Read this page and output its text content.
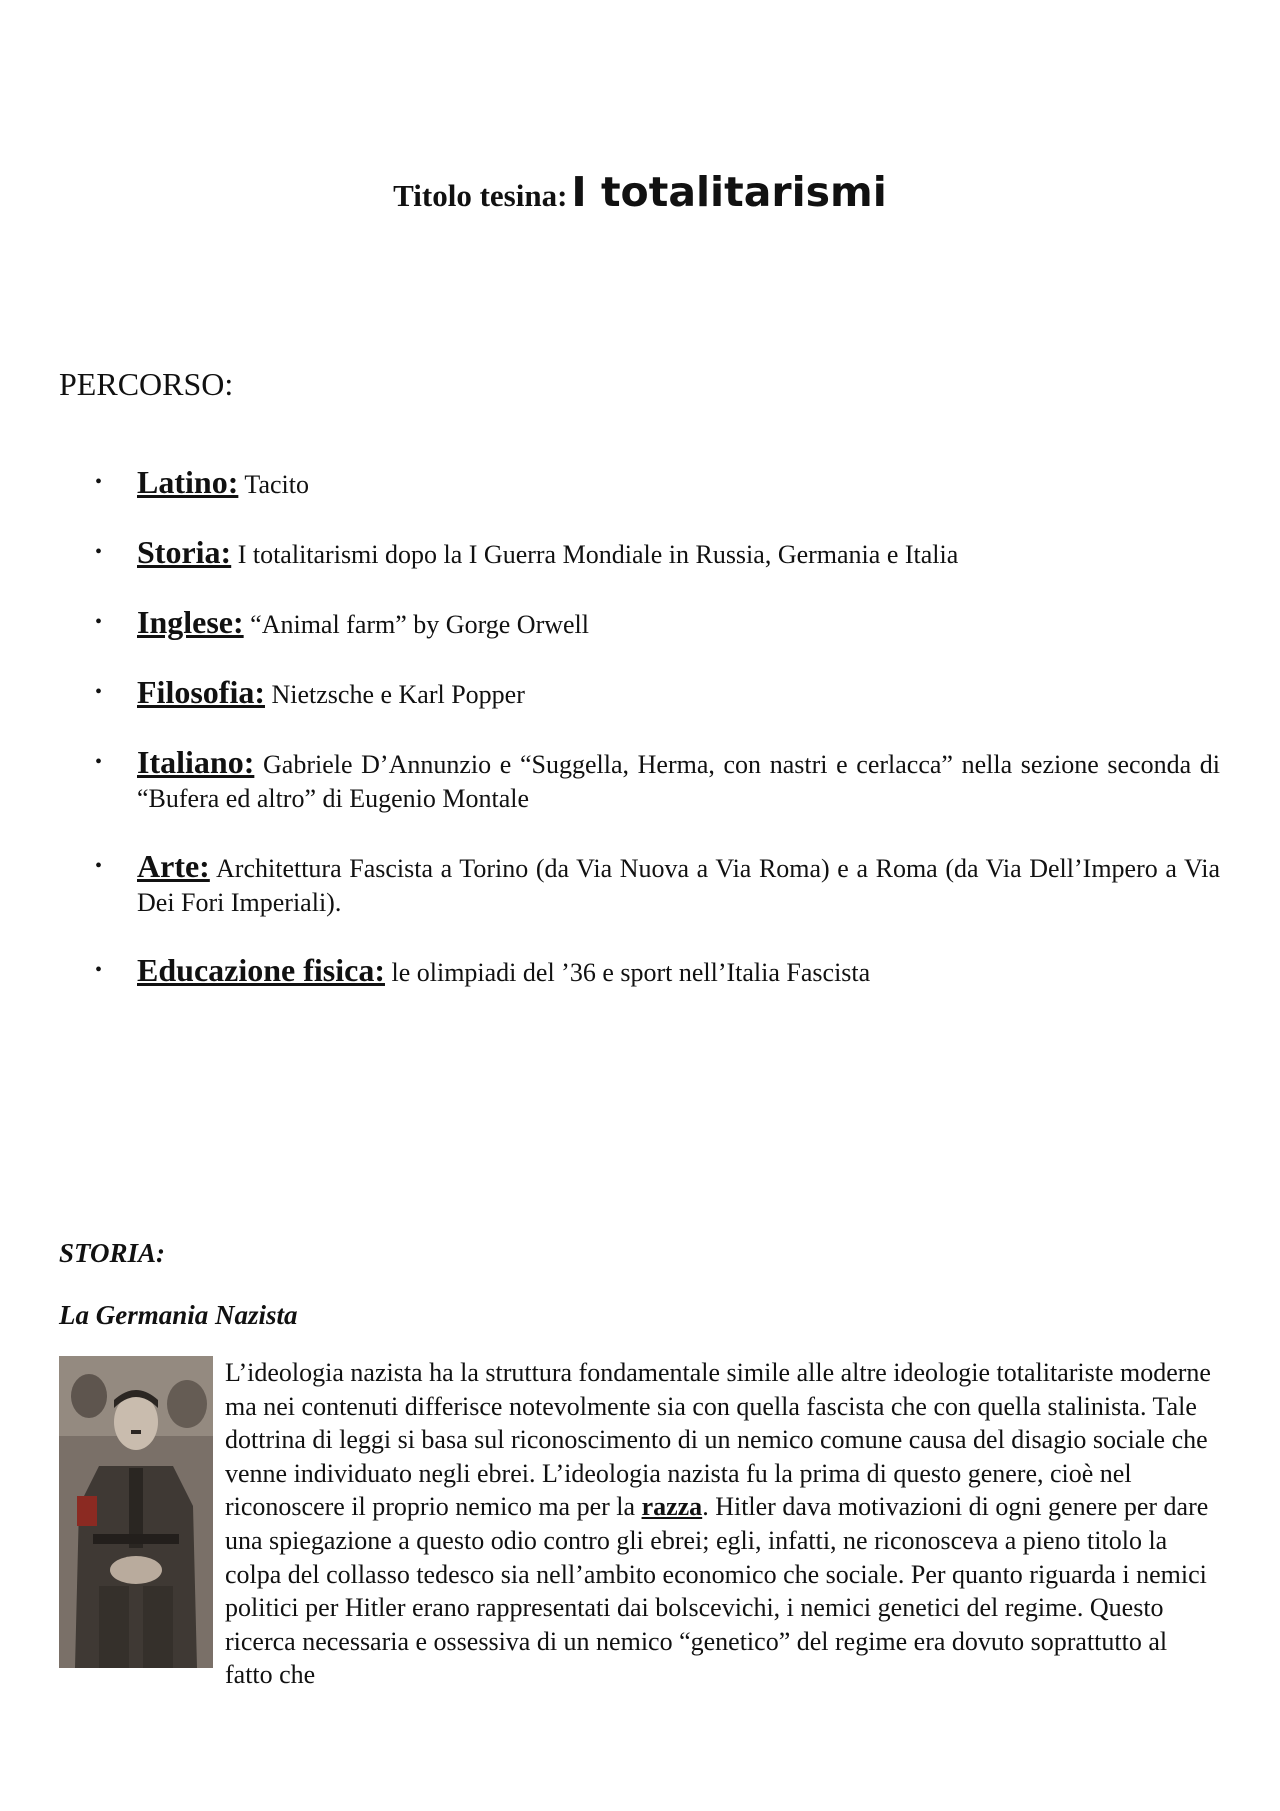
Titolo tesina: I totalitarismi
PERCORSO:
• Latino: Tacito
• Storia: I totalitarismi dopo la I Guerra Mondiale in Russia, Germania e Italia
• Inglese: “Animal farm” by Gorge Orwell
• Filosofia: Nietzsche e Karl Popper
• Italiano: Gabriele D’Annunzio e “Suggella, Herma, con nastri e cerlacca” nella sezione seconda di “Bufera ed altro” di Eugenio Montale
• Arte: Architettura Fascista a Torino (da Via Nuova a Via Roma) e a Roma (da Via Dell’Impero a Via Dei Fori Imperiali).
• Educazione fisica: le olimpiadi del ’36 e sport nell’Italia Fascista
STORIA:
La Germania Nazista

L’ideologia nazista ha la struttura fondamentale simile alle altre ideologie totalitariste moderne ma nei contenuti differisce notevolmente sia con quella fascista che con quella stalinista. Tale dottrina di leggi si basa sul riconoscimento di un nemico comune causa del disagio sociale che venne individuato negli ebrei. L’ideologia nazista fu la prima di questo genere, cioè nel riconoscere il proprio nemico ma per la razza. Hitler dava motivazioni di ogni genere per dare una spiegazione a questo odio contro gli ebrei; egli, infatti, ne riconosceva a pieno titolo la colpa del collasso tedesco sia nell’ambito economico che sociale. Per quanto riguarda i nemici politici per Hitler erano rappresentati dai bolscevichi, i nemici genetici del regime. Questo ricerca necessaria e ossessiva di un nemico “genetico” del regime era dovuto soprattutto al fatto che
